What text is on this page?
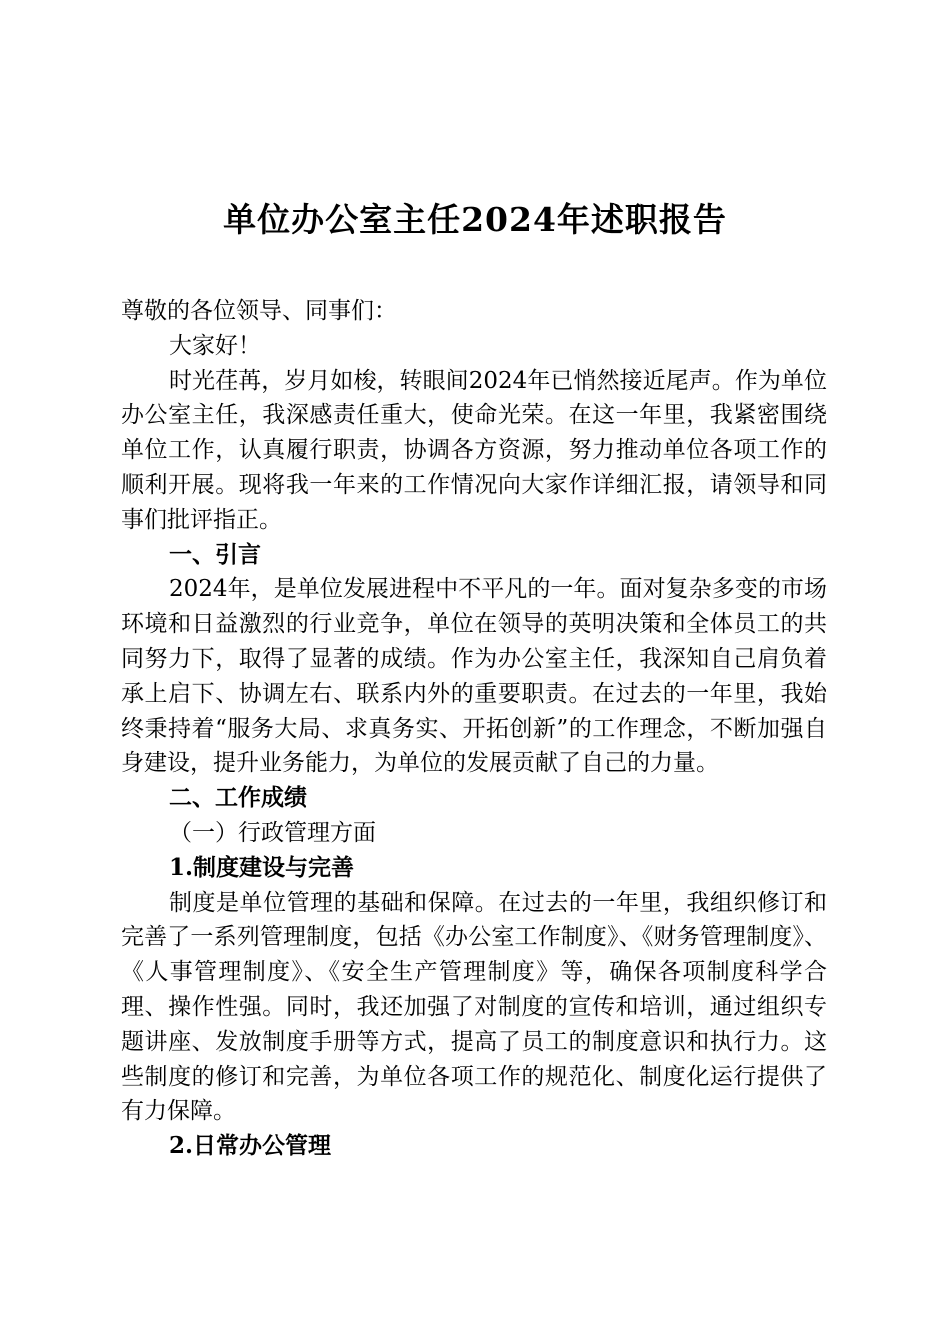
单位办公室主任2024年述职报告

尊敬的各位领导、同事们：

大家好！

时光荏苒，岁月如梭，转眼间2024年已悄然接近尾声。作为单位办公室主任，我深感责任重大，使命光荣。在这一年里，我紧密围绕单位工作，认真履行职责，协调各方资源，努力推动单位各项工作的顺利开展。现将我一年来的工作情况向大家作详细汇报，请领导和同事们批评指正。

一、引言

2024年，是单位发展进程中不平凡的一年。面对复杂多变的市场环境和日益激烈的行业竞争，单位在领导的英明决策和全体员工的共同努力下，取得了显著的成绩。作为办公室主任，我深知自己肩负着承上启下、协调左右、联系内外的重要职责。在过去的一年里，我始终秉持着“服务大局、求真务实、开拓创新”的工作理念，不断加强自身建设，提升业务能力，为单位的发展贡献了自己的力量。

二、工作成绩

（一）行政管理方面

1.制度建设与完善

制度是单位管理的基础和保障。在过去的一年里，我组织修订和完善了一系列管理制度，包括《办公室工作制度》、《财务管理制度》、《人事管理制度》、《安全生产管理制度》等，确保各项制度科学合理、操作性强。同时，我还加强了对制度的宣传和培训，通过组织专题讲座、发放制度手册等方式，提高了员工的制度意识和执行力。这些制度的修订和完善，为单位各项工作的规范化、制度化运行提供了有力保障。

2.日常办公管理
